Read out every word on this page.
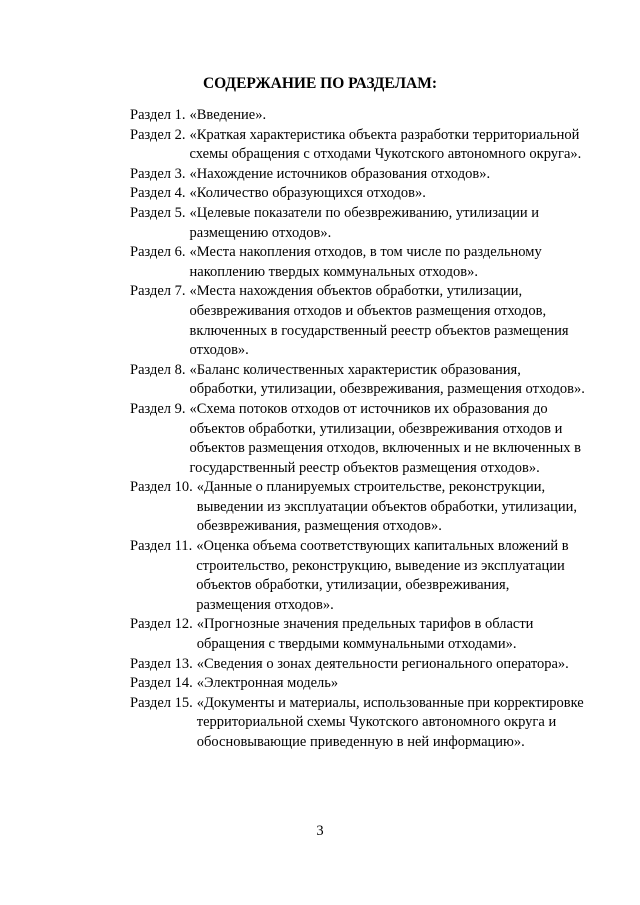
СОДЕРЖАНИЕ ПО РАЗДЕЛАМ:
Раздел 1. «Введение».
Раздел 2. «Краткая характеристика объекта разработки территориальной
схемы обращения с отходами Чукотского автономного округа».
Раздел 3. «Нахождение источников образования отходов».
Раздел 4. «Количество образующихся отходов».
Раздел 5. «Целевые показатели по обезвреживанию, утилизации и
размещению отходов».
Раздел 6. «Места накопления отходов, в том числе по раздельному
накоплению твердых коммунальных отходов».
Раздел 7. «Места нахождения объектов обработки, утилизации,
обезвреживания отходов и объектов размещения отходов,
включенных в государственный реестр объектов размещения
отходов».
Раздел 8. «Баланс количественных характеристик образования,
обработки, утилизации, обезвреживания, размещения отходов».
Раздел 9. «Схема потоков отходов от источников их образования до
объектов обработки, утилизации, обезвреживания отходов и
объектов размещения отходов, включенных и не включенных в
государственный реестр объектов размещения отходов».
Раздел 10. «Данные о планируемых строительстве, реконструкции,
выведении из эксплуатации объектов обработки, утилизации,
обезвреживания, размещения отходов».
Раздел 11. «Оценка объема соответствующих капитальных вложений в
строительство, реконструкцию, выведение из эксплуатации
объектов обработки, утилизации, обезвреживания,
размещения отходов».
Раздел 12. «Прогнозные значения предельных тарифов в области
обращения с твердыми коммунальными отходами».
Раздел 13. «Сведения о зонах деятельности регионального оператора».
Раздел 14. «Электронная модель»
Раздел 15. «Документы и материалы, использованные при корректировке
территориальной схемы Чукотского автономного округа и
обосновывающие приведенную в ней информацию».
3
